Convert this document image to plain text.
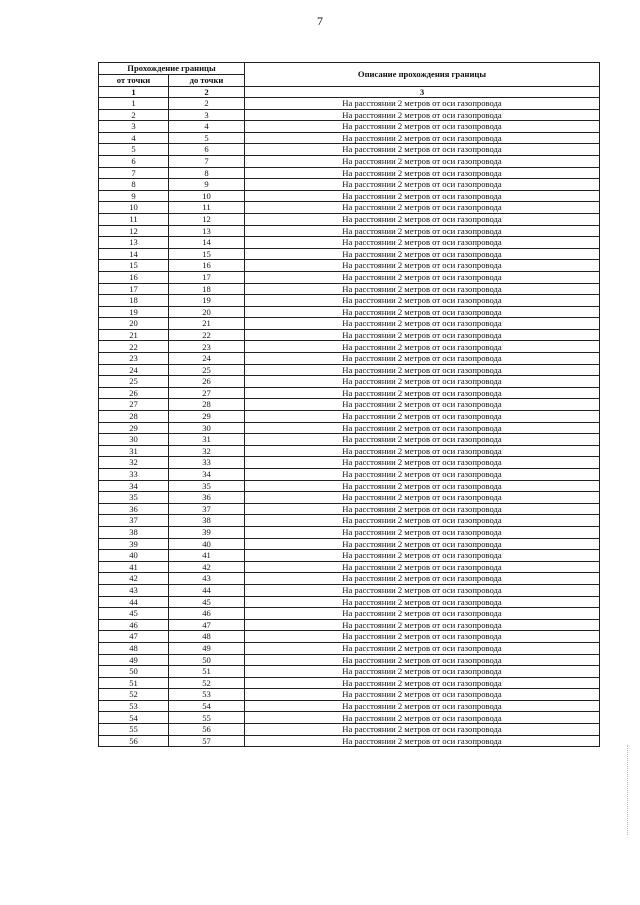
7
Прохождение границы		Описание прохождения границы
от точки	до точки	
1	2	3
1	2	На расстоянии 2 метров от оси газопровода
2	3	На расстоянии 2 метров от оси газопровода
3	4	На расстоянии 2 метров от оси газопровода
4	5	На расстоянии 2 метров от оси газопровода
5	6	На расстоянии 2 метров от оси газопровода
6	7	На расстоянии 2 метров от оси газопровода
7	8	На расстоянии 2 метров от оси газопровода
8	9	На расстоянии 2 метров от оси газопровода
9	10	На расстоянии 2 метров от оси газопровода
10	11	На расстоянии 2 метров от оси газопровода
11	12	На расстоянии 2 метров от оси газопровода
12	13	На расстоянии 2 метров от оси газопровода
13	14	На расстоянии 2 метров от оси газопровода
14	15	На расстоянии 2 метров от оси газопровода
15	16	На расстоянии 2 метров от оси газопровода
16	17	На расстоянии 2 метров от оси газопровода
17	18	На расстоянии 2 метров от оси газопровода
18	19	На расстоянии 2 метров от оси газопровода
19	20	На расстоянии 2 метров от оси газопровода
20	21	На расстоянии 2 метров от оси газопровода
21	22	На расстоянии 2 метров от оси газопровода
22	23	На расстоянии 2 метров от оси газопровода
23	24	На расстоянии 2 метров от оси газопровода
24	25	На расстоянии 2 метров от оси газопровода
25	26	На расстоянии 2 метров от оси газопровода
26	27	На расстоянии 2 метров от оси газопровода
27	28	На расстоянии 2 метров от оси газопровода
28	29	На расстоянии 2 метров от оси газопровода
29	30	На расстоянии 2 метров от оси газопровода
30	31	На расстоянии 2 метров от оси газопровода
31	32	На расстоянии 2 метров от оси газопровода
32	33	На расстоянии 2 метров от оси газопровода
33	34	На расстоянии 2 метров от оси газопровода
34	35	На расстоянии 2 метров от оси газопровода
35	36	На расстоянии 2 метров от оси газопровода
36	37	На расстоянии 2 метров от оси газопровода
37	38	На расстоянии 2 метров от оси газопровода
38	39	На расстоянии 2 метров от оси газопровода
39	40	На расстоянии 2 метров от оси газопровода
40	41	На расстоянии 2 метров от оси газопровода
41	42	На расстоянии 2 метров от оси газопровода
42	43	На расстоянии 2 метров от оси газопровода
43	44	На расстоянии 2 метров от оси газопровода
44	45	На расстоянии 2 метров от оси газопровода
45	46	На расстоянии 2 метров от оси газопровода
46	47	На расстоянии 2 метров от оси газопровода
47	48	На расстоянии 2 метров от оси газопровода
48	49	На расстоянии 2 метров от оси газопровода
49	50	На расстоянии 2 метров от оси газопровода
50	51	На расстоянии 2 метров от оси газопровода
51	52	На расстоянии 2 метров от оси газопровода
52	53	На расстоянии 2 метров от оси газопровода
53	54	На расстоянии 2 метров от оси газопровода
54	55	На расстоянии 2 метров от оси газопровода
55	56	На расстоянии 2 метров от оси газопровода
56	57	На расстоянии 2 метров от оси газопровода
